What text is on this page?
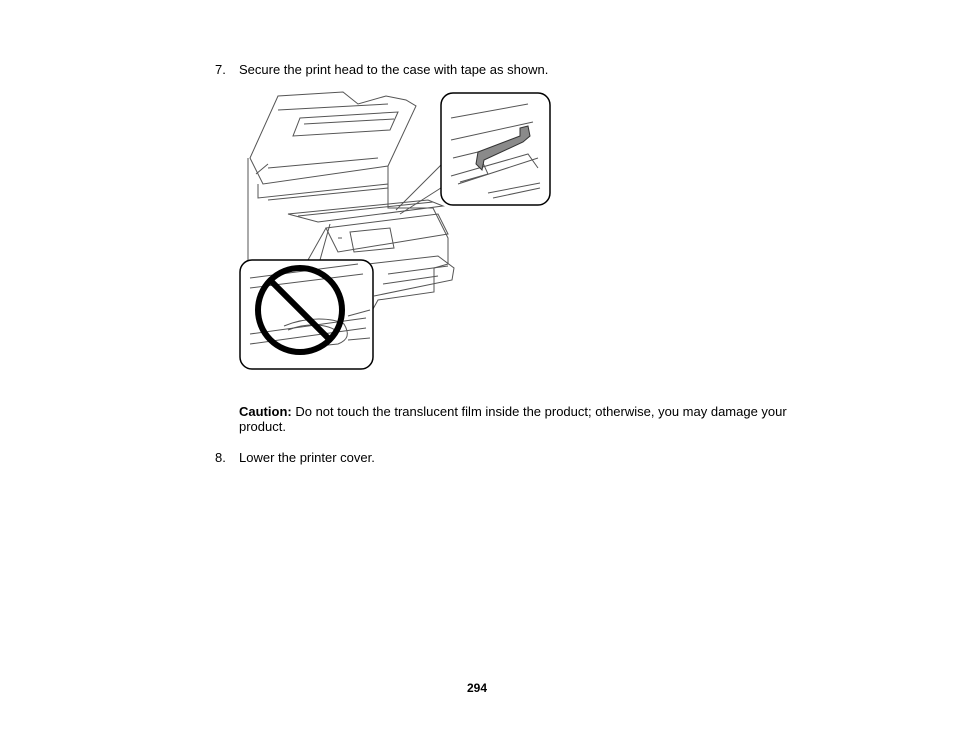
7. Secure the print head to the case with tape as shown.
Caution: Do not touch the translucent film inside the product; otherwise, you may damage your product.
8. Lower the printer cover.
294
